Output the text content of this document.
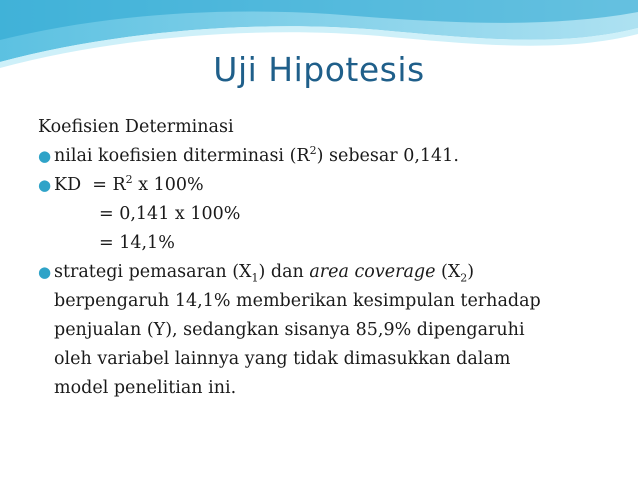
Uji Hipotesis
Koefisien Determinasi
● nilai koefisien diterminasi $(R^2)$ sebesar 0,141.
● KD  = $R^2$ x 100%
= 0,141 x 100%
= 14,1%
● strategi pemasaran $(X_1)$ dan area coverage $(X_2)$
berpengaruh 14,1% memberikan kesimpulan terhadap
penjualan (Y), sedangkan sisanya 85,9% dipengaruhi
oleh variabel lainnya yang tidak dimasukkan dalam
model penelitian ini.
